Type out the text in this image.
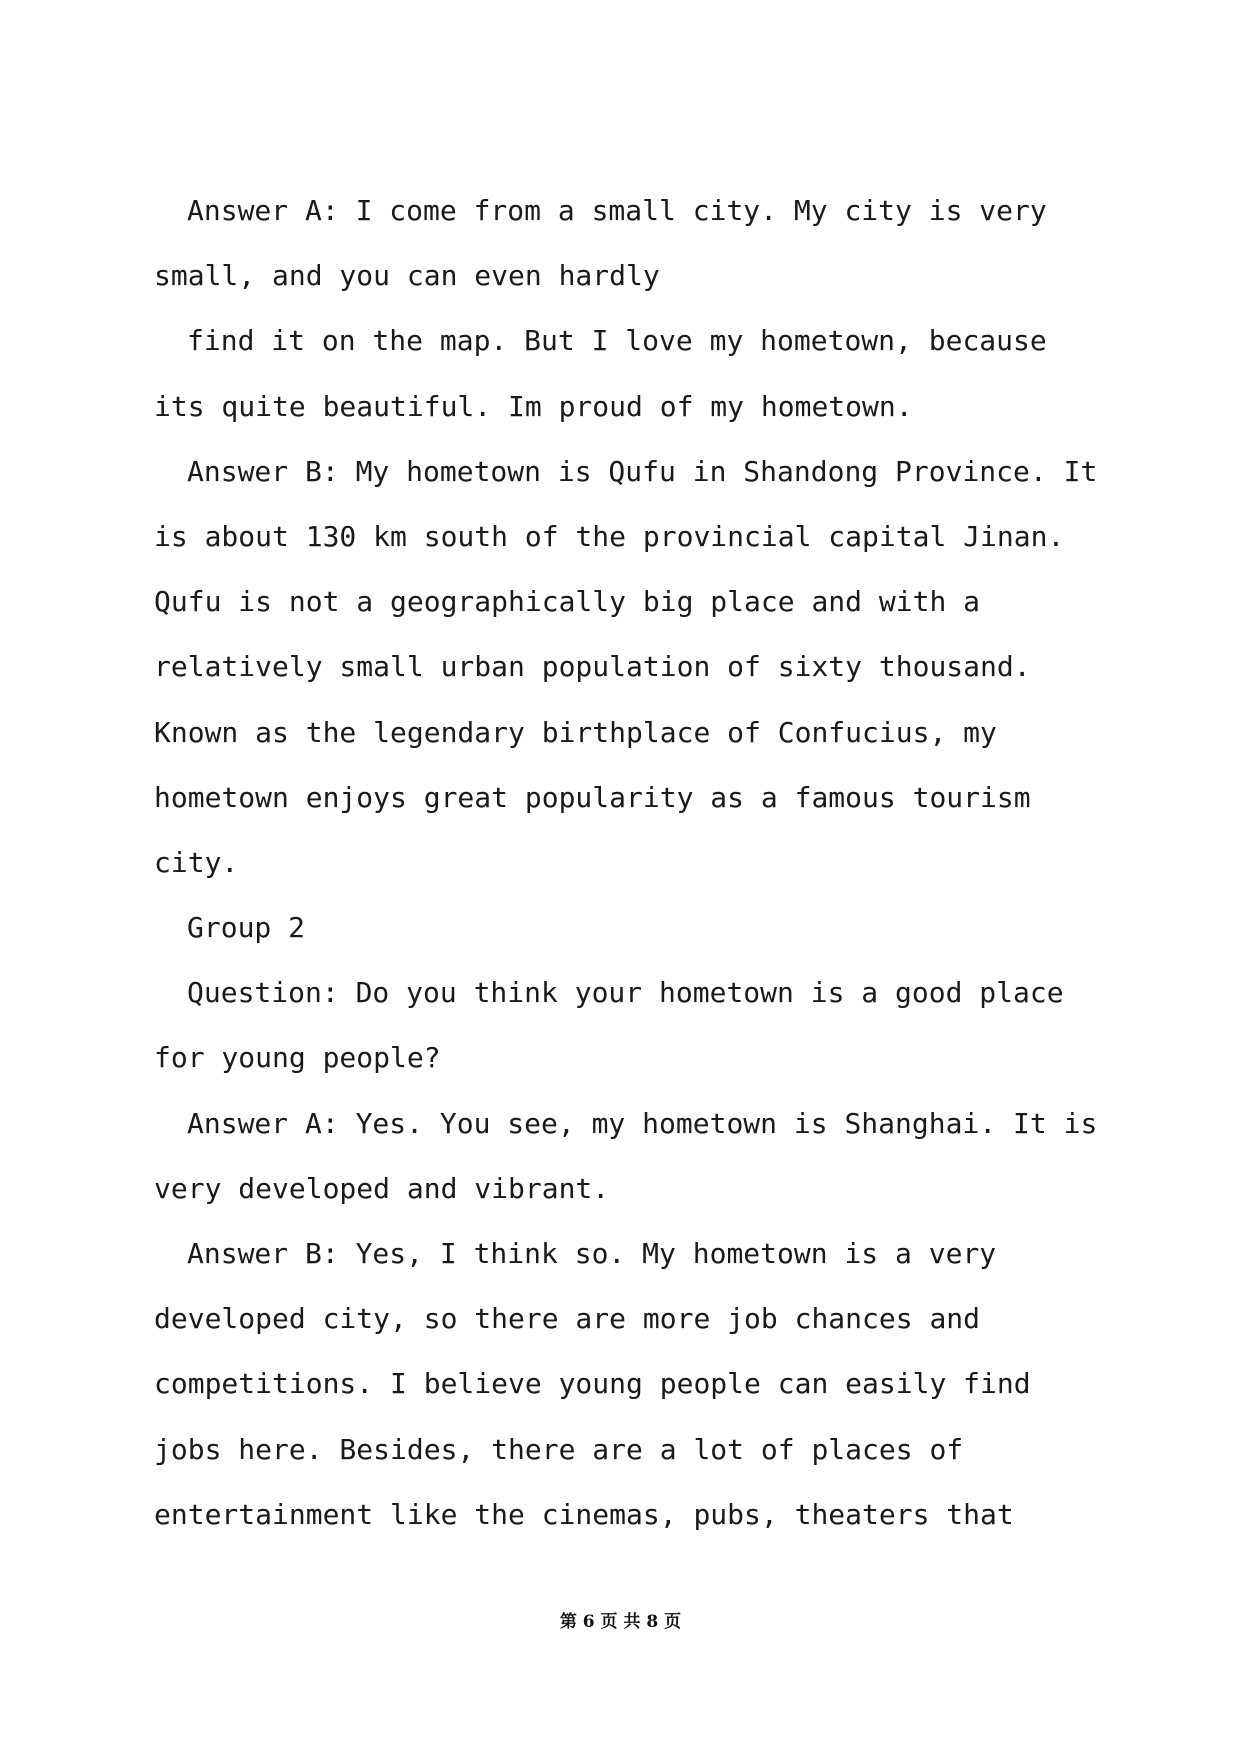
Answer A: I come from a small city. My city is very
small, and you can even hardly
find it on the map. But I love my hometown, because
its quite beautiful. Im proud of my hometown.
Answer B: My hometown is Qufu in Shandong Province. It
is about 130 km south of the provincial capital Jinan.
Qufu is not a geographically big place and with a
relatively small urban population of sixty thousand.
Known as the legendary birthplace of Confucius, my
hometown enjoys great popularity as a famous tourism
city.
Group 2
Question: Do you think your hometown is a good place
for young people?
Answer A: Yes. You see, my hometown is Shanghai. It is
very developed and vibrant.
Answer B: Yes, I think so. My hometown is a very
developed city, so there are more job chances and
competitions. I believe young people can easily find
jobs here. Besides, there are a lot of places of
entertainment like the cinemas, pubs, theaters that
第 6 页 共 8 页
